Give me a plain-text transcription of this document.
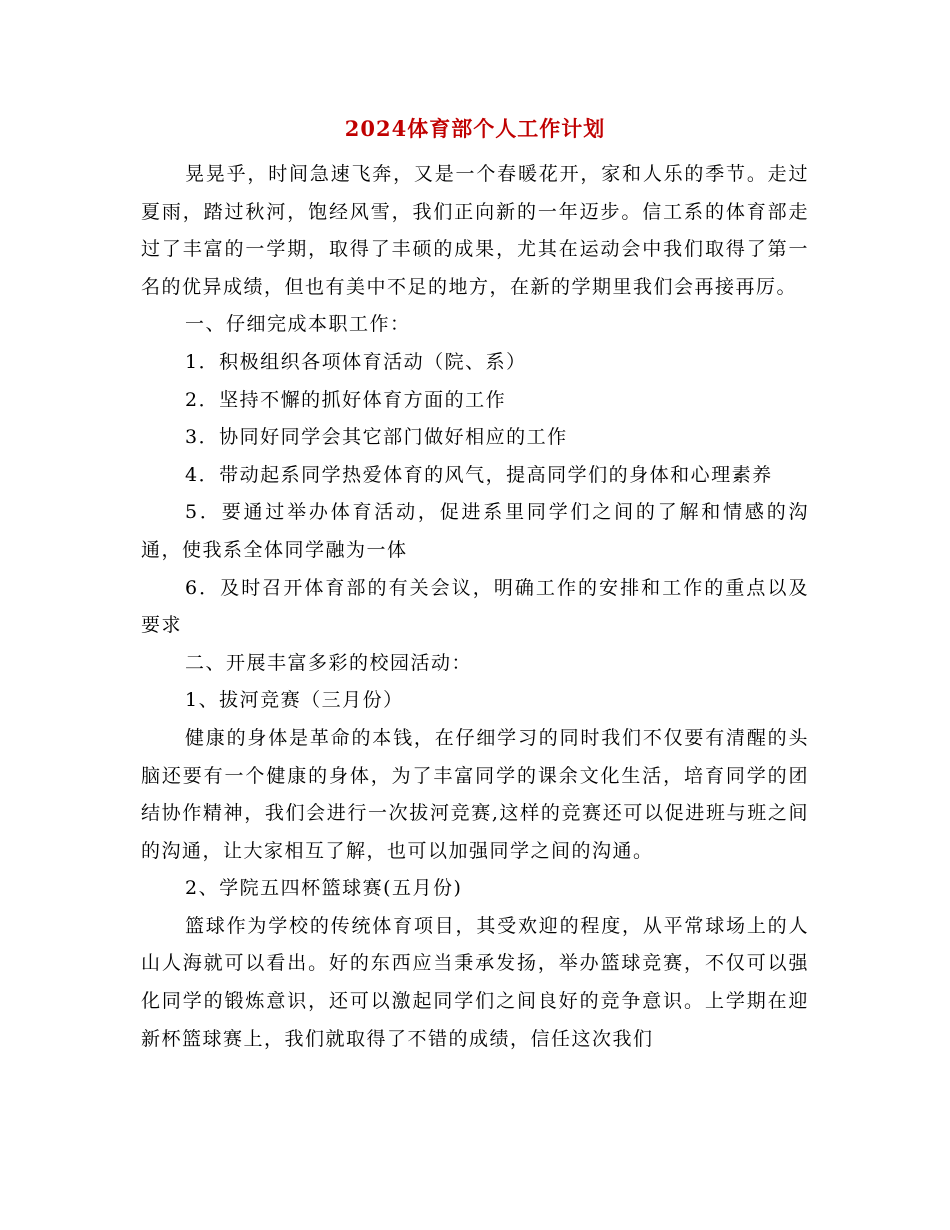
2024体育部个人工作计划

晃晃乎，时间急速飞奔，又是一个春暖花开，家和人乐的季节。走过夏雨，踏过秋河，饱经风雪，我们正向新的一年迈步。信工系的体育部走过了丰富的一学期，取得了丰硕的成果，尤其在运动会中我们取得了第一名的优异成绩，但也有美中不足的地方，在新的学期里我们会再接再厉。

一、仔细完成本职工作：

1．积极组织各项体育活动（院、系）

2．坚持不懈的抓好体育方面的工作

3．协同好同学会其它部门做好相应的工作

4．带动起系同学热爱体育的风气，提高同学们的身体和心理素养

5．要通过举办体育活动，促进系里同学们之间的了解和情感的沟通，使我系全体同学融为一体

6．及时召开体育部的有关会议，明确工作的安排和工作的重点以及要求

二、开展丰富多彩的校园活动：

1、拔河竞赛（三月份）

健康的身体是革命的本钱，在仔细学习的同时我们不仅要有清醒的头脑还要有一个健康的身体，为了丰富同学的课余文化生活，培育同学的团结协作精神，我们会进行一次拔河竞赛,这样的竞赛还可以促进班与班之间的沟通，让大家相互了解，也可以加强同学之间的沟通。

2、学院五四杯篮球赛(五月份)

篮球作为学校的传统体育项目，其受欢迎的程度，从平常球场上的人山人海就可以看出。好的东西应当秉承发扬，举办篮球竞赛，不仅可以强化同学的锻炼意识，还可以激起同学们之间良好的竞争意识。上学期在迎新杯篮球赛上，我们就取得了不错的成绩，信任这次我们
